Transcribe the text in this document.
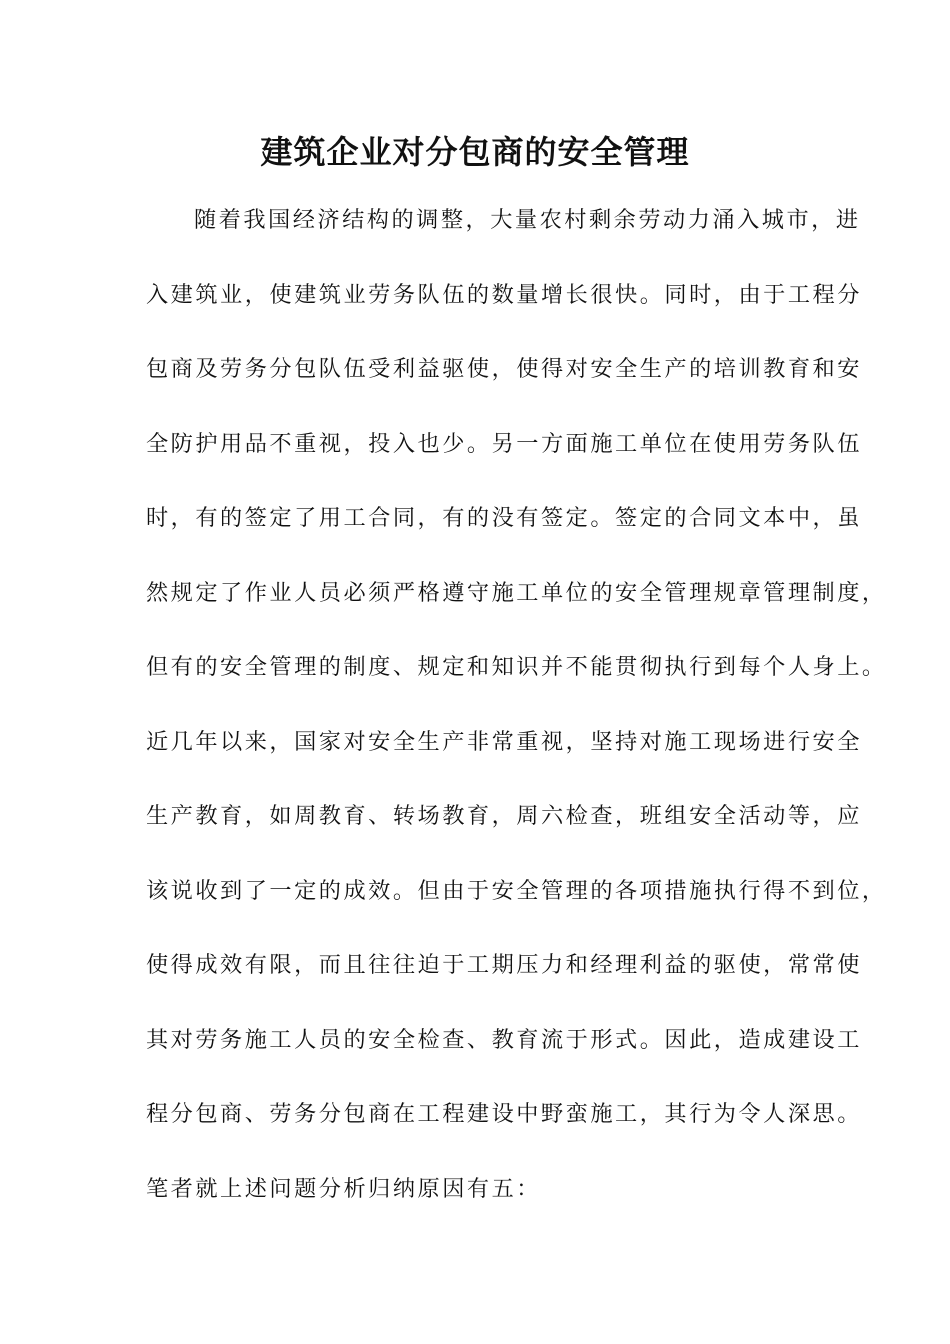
建筑企业对分包商的安全管理
随着我国经济结构的调整，大量农村剩余劳动力涌入城市，进
入建筑业，使建筑业劳务队伍的数量增长很快。同时，由于工程分
包商及劳务分包队伍受利益驱使，使得对安全生产的培训教育和安
全防护用品不重视，投入也少。另一方面施工单位在使用劳务队伍
时，有的签定了用工合同，有的没有签定。签定的合同文本中，虽
然规定了作业人员必须严格遵守施工单位的安全管理规章管理制度，
但有的安全管理的制度、规定和知识并不能贯彻执行到每个人身上。
近几年以来，国家对安全生产非常重视，坚持对施工现场进行安全
生产教育，如周教育、转场教育，周六检查，班组安全活动等，应
该说收到了一定的成效。但由于安全管理的各项措施执行得不到位，
使得成效有限，而且往往迫于工期压力和经理利益的驱使，常常使
其对劳务施工人员的安全检查、教育流于形式。因此，造成建设工
程分包商、劳务分包商在工程建设中野蛮施工，其行为令人深思。
笔者就上述问题分析归纳原因有五：
